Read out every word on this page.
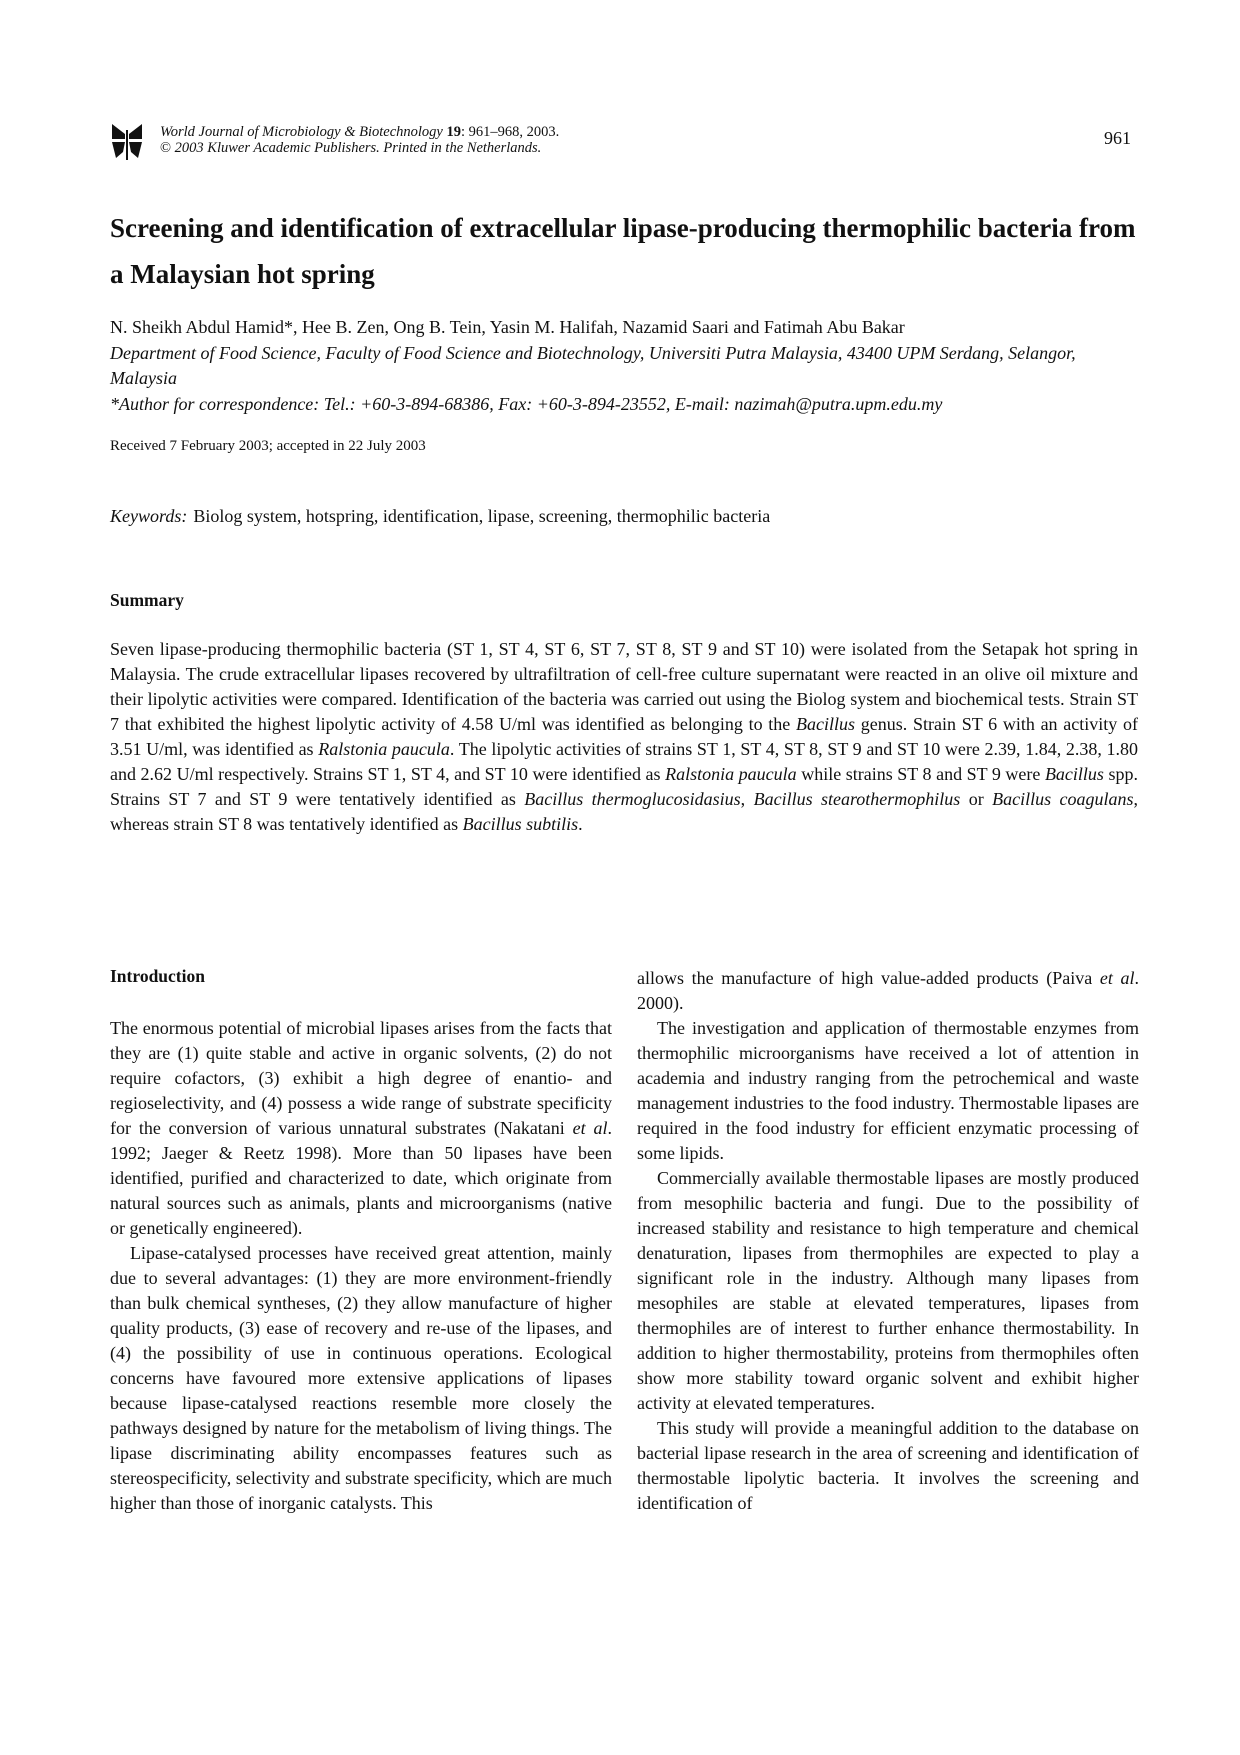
World Journal of Microbiology & Biotechnology 19: 961–968, 2003.
© 2003 Kluwer Academic Publishers. Printed in the Netherlands.	961
Screening and identification of extracellular lipase-producing thermophilic bacteria from a Malaysian hot spring
N. Sheikh Abdul Hamid*, Hee B. Zen, Ong B. Tein, Yasin M. Halifah, Nazamid Saari and Fatimah Abu Bakar
Department of Food Science, Faculty of Food Science and Biotechnology, Universiti Putra Malaysia, 43400 UPM Serdang, Selangor, Malaysia
*Author for correspondence: Tel.: +60-3-894-68386, Fax: +60-3-894-23552, E-mail: nazimah@putra.upm.edu.my
Received 7 February 2003; accepted in 22 July 2003
Keywords: Biolog system, hotspring, identification, lipase, screening, thermophilic bacteria
Summary
Seven lipase-producing thermophilic bacteria (ST 1, ST 4, ST 6, ST 7, ST 8, ST 9 and ST 10) were isolated from the Setapak hot spring in Malaysia. The crude extracellular lipases recovered by ultrafiltration of cell-free culture supernatant were reacted in an olive oil mixture and their lipolytic activities were compared. Identification of the bacteria was carried out using the Biolog system and biochemical tests. Strain ST 7 that exhibited the highest lipolytic activity of 4.58 U/ml was identified as belonging to the Bacillus genus. Strain ST 6 with an activity of 3.51 U/ml, was identified as Ralstonia paucula. The lipolytic activities of strains ST 1, ST 4, ST 8, ST 9 and ST 10 were 2.39, 1.84, 2.38, 1.80 and 2.62 U/ml respectively. Strains ST 1, ST 4, and ST 10 were identified as Ralstonia paucula while strains ST 8 and ST 9 were Bacillus spp. Strains ST 7 and ST 9 were tentatively identified as Bacillus thermoglucosidasius, Bacillus stearothermophilus or Bacillus coagulans, whereas strain ST 8 was tentatively identified as Bacillus subtilis.
Introduction

The enormous potential of microbial lipases arises from the facts that they are (1) quite stable and active in organic solvents, (2) do not require cofactors, (3) exhibit a high degree of enantio- and regioselectivity, and (4) possess a wide range of substrate specificity for the conversion of various unnatural substrates (Nakatani et al. 1992; Jaeger & Reetz 1998). More than 50 lipases have been identified, purified and characterized to date, which originate from natural sources such as animals, plants and microorganisms (native or genetically engineered).

Lipase-catalysed processes have received great attention, mainly due to several advantages: (1) they are more environment-friendly than bulk chemical syntheses, (2) they allow manufacture of higher quality products, (3) ease of recovery and re-use of the lipases, and (4) the possibility of use in continuous operations. Ecological concerns have favoured more extensive applications of lipases because lipase-catalysed reactions resemble more closely the pathways designed by nature for the metabolism of living things. The lipase discriminating ability encompasses features such as stereospecificity, selectivity and substrate specificity, which are much higher than those of inorganic catalysts. This

allows the manufacture of high value-added products (Paiva et al. 2000).

The investigation and application of thermostable enzymes from thermophilic microorganisms have received a lot of attention in academia and industry ranging from the petrochemical and waste management industries to the food industry. Thermostable lipases are required in the food industry for efficient enzymatic processing of some lipids.

Commercially available thermostable lipases are mostly produced from mesophilic bacteria and fungi. Due to the possibility of increased stability and resistance to high temperature and chemical denaturation, lipases from thermophiles are expected to play a significant role in the industry. Although many lipases from mesophiles are stable at elevated temperatures, lipases from thermophiles are of interest to further enhance thermostability. In addition to higher thermostability, proteins from thermophiles often show more stability toward organic solvent and exhibit higher activity at elevated temperatures.

This study will provide a meaningful addition to the database on bacterial lipase research in the area of screening and identification of thermostable lipolytic bacteria. It involves the screening and identification of
